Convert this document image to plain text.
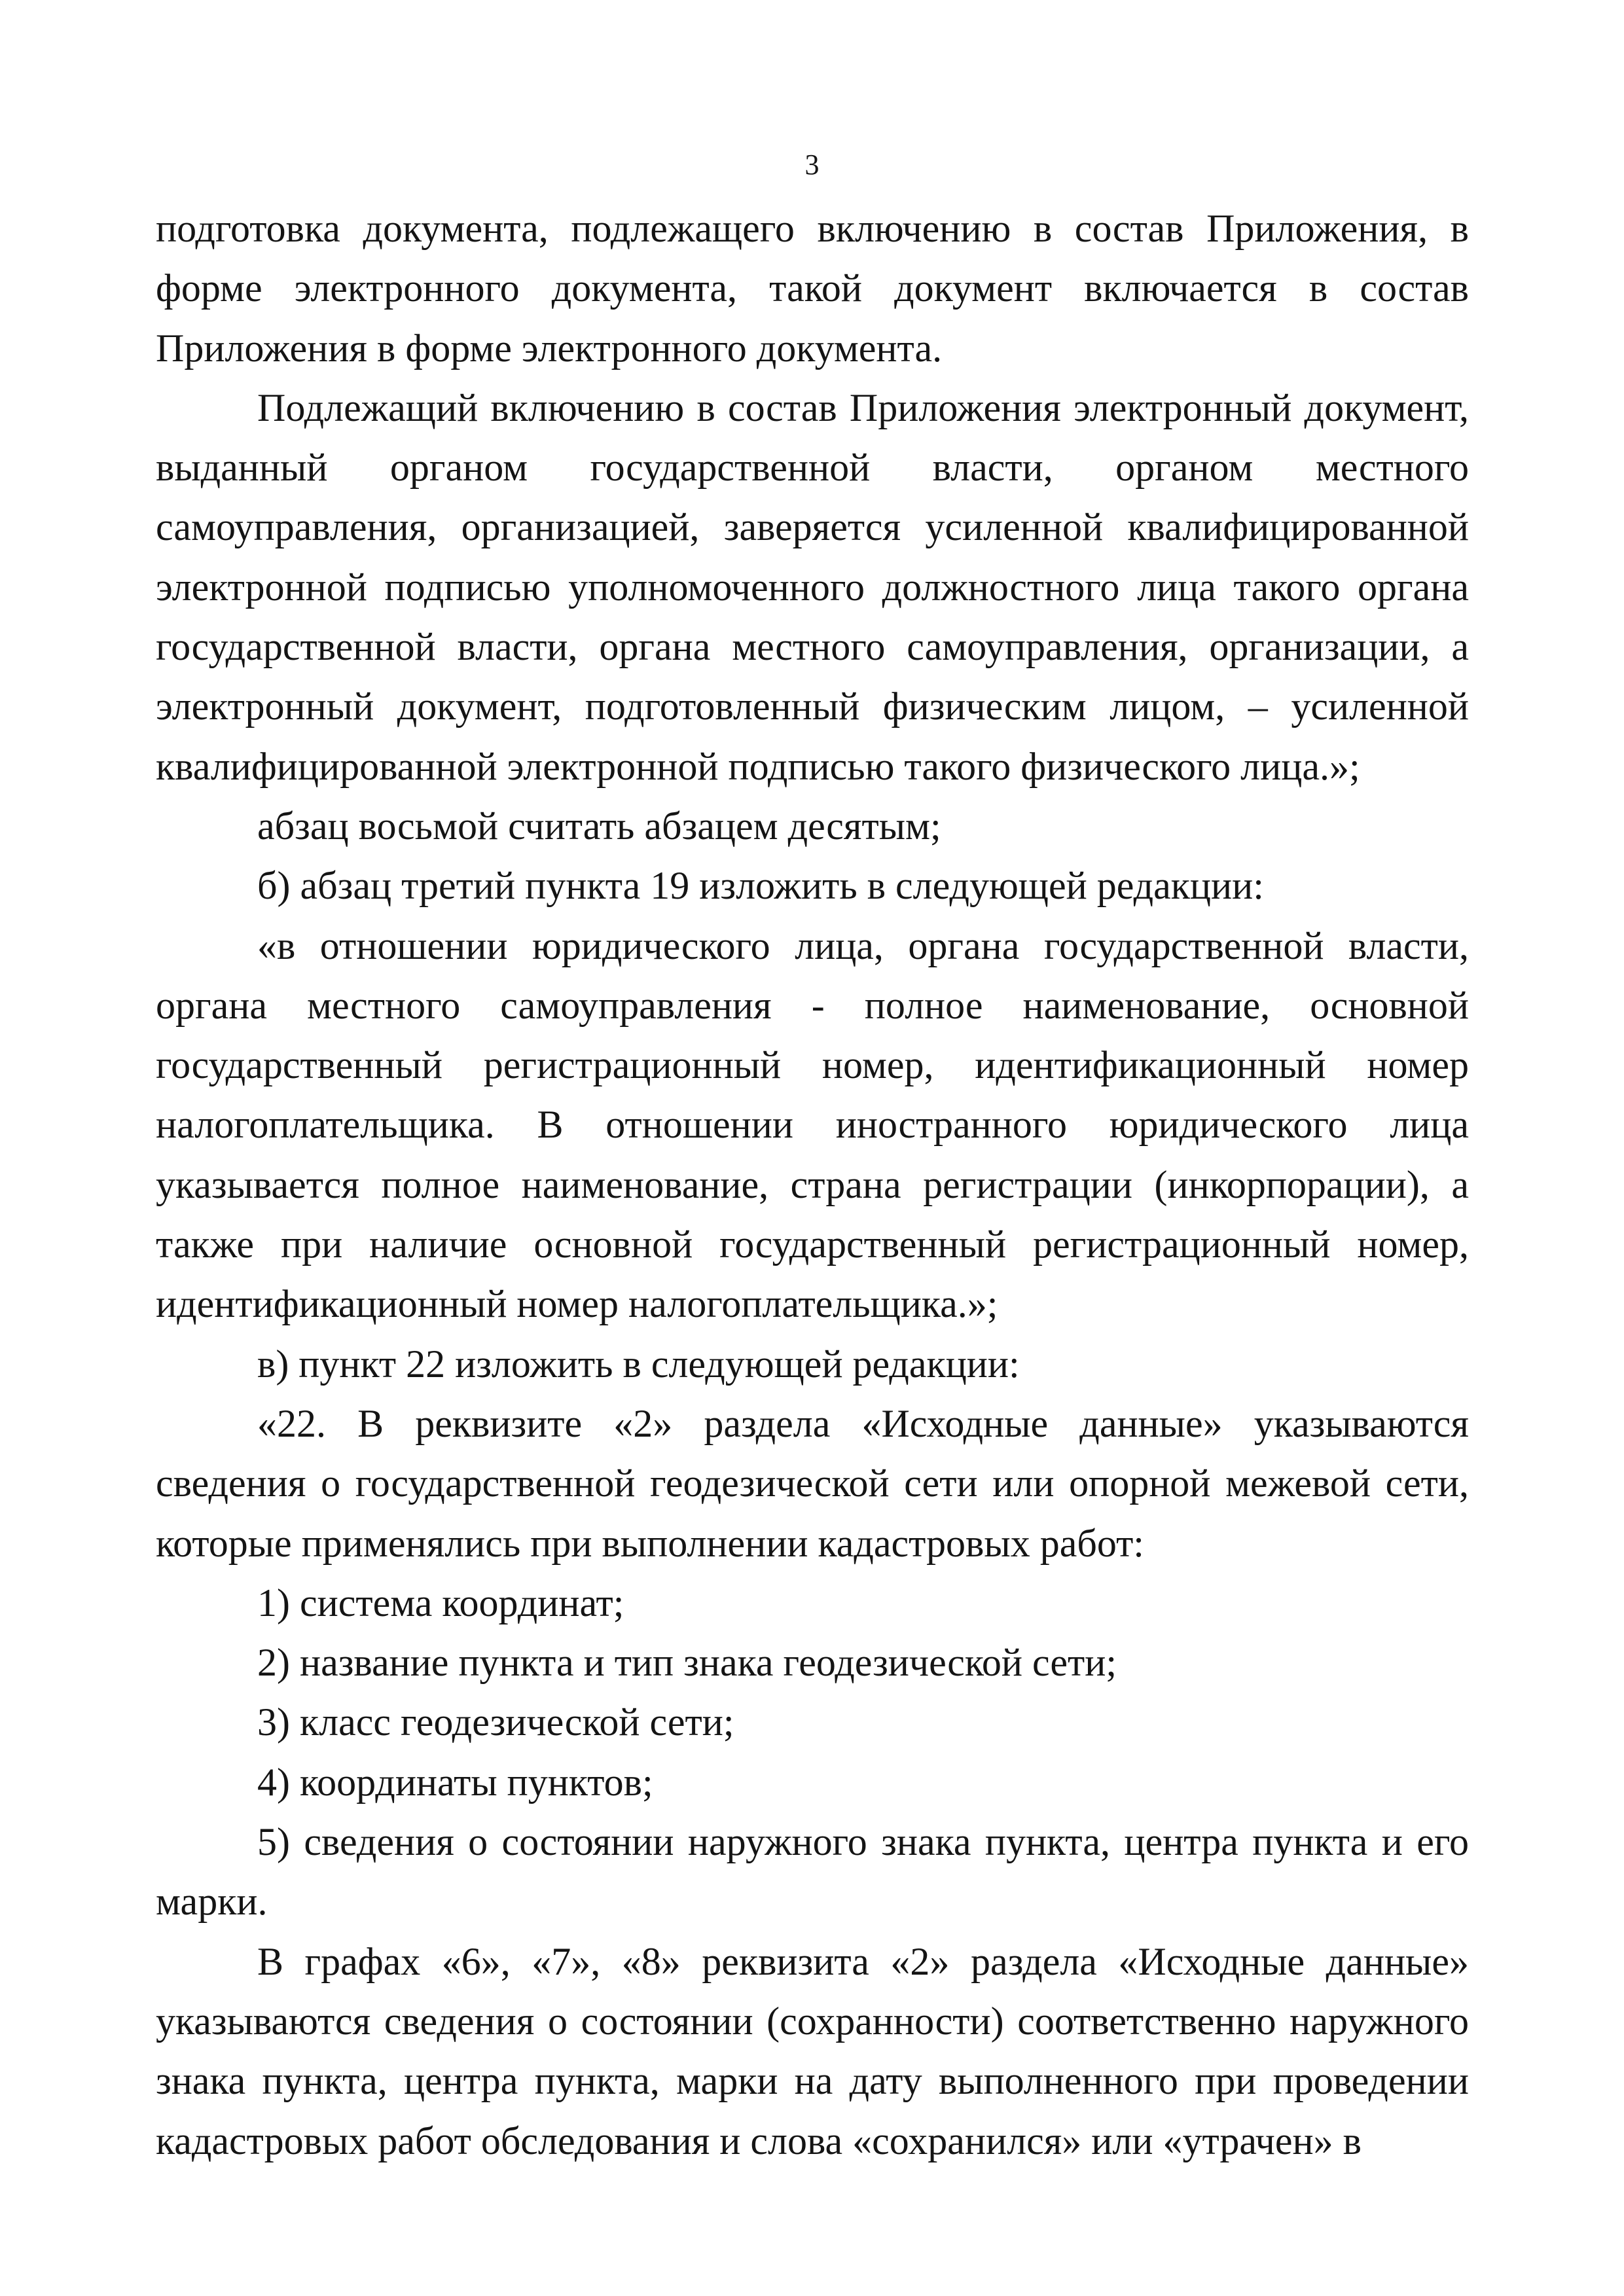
3

подготовка документа, подлежащего включению в состав Приложения, в форме электронного документа, такой документ включается в состав Приложения в форме электронного документа.

Подлежащий включению в состав Приложения электронный документ, выданный органом государственной власти, органом местного самоуправления, организацией, заверяется усиленной квалифицированной электронной подписью уполномоченного должностного лица такого органа государственной власти, органа местного самоуправления, организации, а электронный документ, подготовленный физическим лицом, – усиленной квалифицированной электронной подписью такого физического лица.»;

абзац восьмой считать абзацем десятым;

б) абзац третий пункта 19 изложить в следующей редакции:

«в отношении юридического лица, органа государственной власти, органа местного самоуправления - полное наименование, основной государственный регистрационный номер, идентификационный номер налогоплательщика. В отношении иностранного юридического лица указывается полное наименование, страна регистрации (инкорпорации), а также при наличие основной государственный регистрационный номер, идентификационный номер налогоплательщика.»;

в) пункт 22 изложить в следующей редакции:

«22. В реквизите «2» раздела «Исходные данные» указываются сведения о государственной геодезической сети или опорной межевой сети, которые применялись при выполнении кадастровых работ:

1) система координат;

2) название пункта и тип знака геодезической сети;

3) класс геодезической сети;

4) координаты пунктов;

5) сведения о состоянии наружного знака пункта, центра пункта и его марки.

В графах «6», «7», «8» реквизита «2» раздела «Исходные данные» указываются сведения о состоянии (сохранности) соответственно наружного знака пункта, центра пункта, марки на дату выполненного при проведении кадастровых работ обследования и слова «сохранился» или «утрачен» в
